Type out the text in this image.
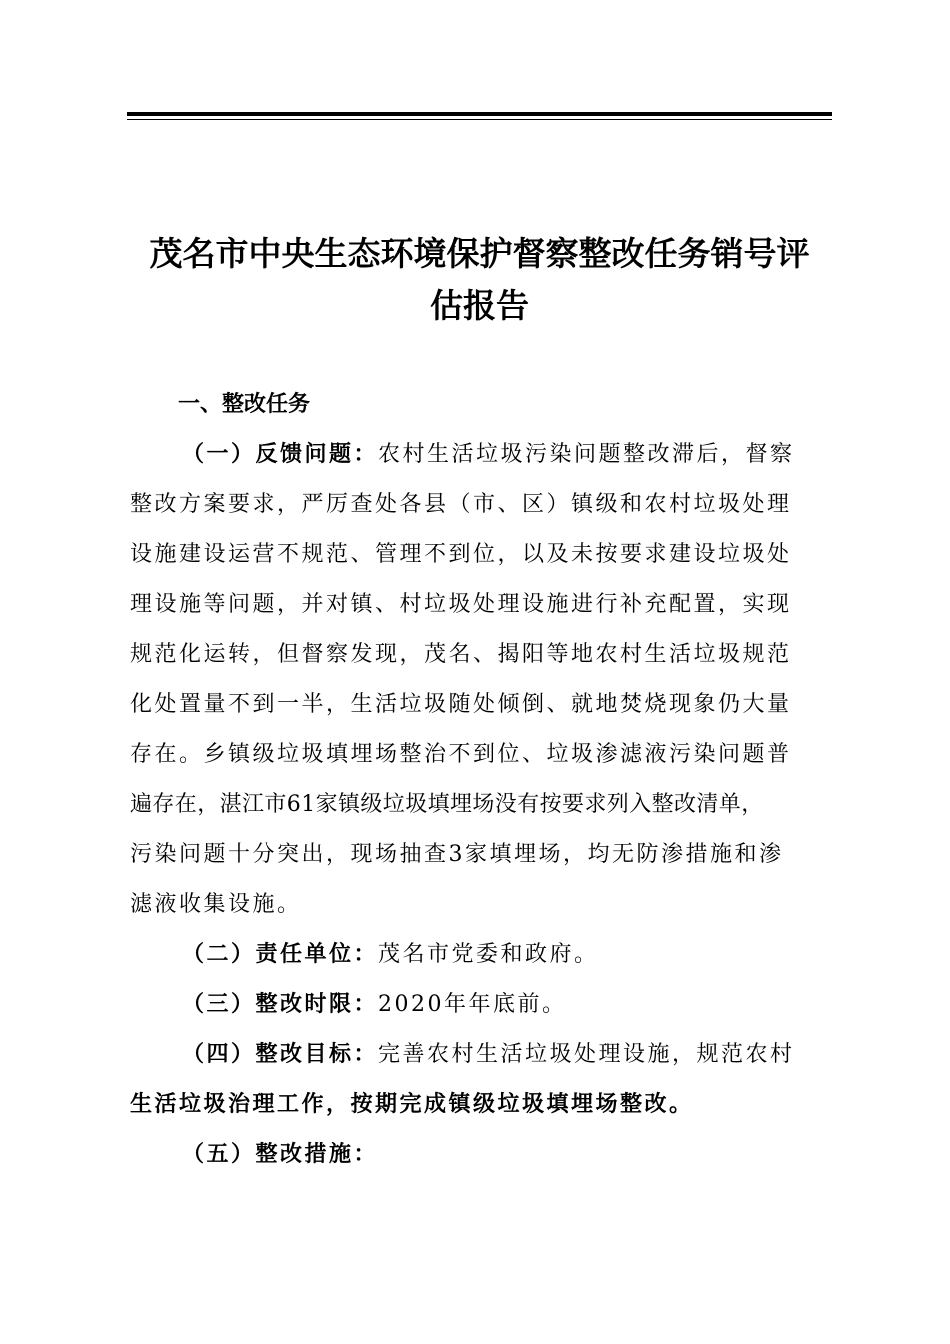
茂名市中央生态环境保护督察整改任务销号评
估报告
一、整改任务
（一）反馈问题：农村生活垃圾污染问题整改滞后，督察
整改方案要求，严厉查处各县（市、区）镇级和农村垃圾处理
设施建设运营不规范、管理不到位，以及未按要求建设垃圾处
理设施等问题，并对镇、村垃圾处理设施进行补充配置，实现
规范化运转，但督察发现，茂名、揭阳等地农村生活垃圾规范
化处置量不到一半，生活垃圾随处倾倒、就地焚烧现象仍大量
存在。乡镇级垃圾填埋场整治不到位、垃圾渗滤液污染问题普
遍存在，湛江市61家镇级垃圾填埋场没有按要求列入整改清单，
污染问题十分突出，现场抽查3家填埋场，均无防渗措施和渗
滤液收集设施。
（二）责任单位：茂名市党委和政府。
（三）整改时限：2020年年底前。
（四）整改目标：完善农村生活垃圾处理设施，规范农村
生活垃圾治理工作，按期完成镇级垃圾填埋场整改。
（五）整改措施：
